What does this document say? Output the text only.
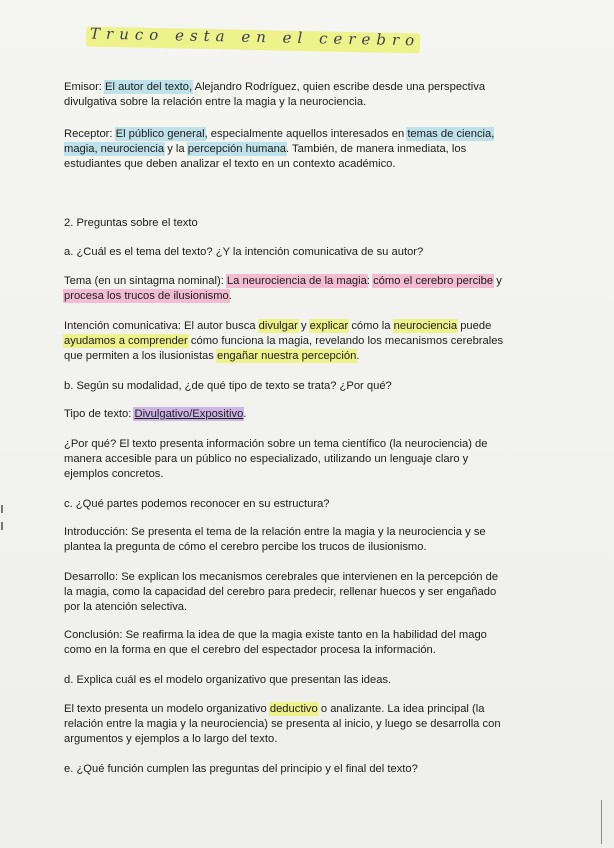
Truco esta en el cerebro

Emisor: El autor del texto, Alejandro Rodríguez, quien escribe desde una perspectiva divulgativa sobre la relación entre la magia y la neurociencia.

Receptor: El público general, especialmente aquellos interesados en temas de ciencia, magia, neurociencia y la percepción humana. También, de manera inmediata, los estudiantes que deben analizar el texto en un contexto académico.

2. Preguntas sobre el texto

a. ¿Cuál es el tema del texto? ¿Y la intención comunicativa de su autor?

Tema (en un sintagma nominal): La neurociencia de la magia: cómo el cerebro percibe y procesa los trucos de ilusionismo.

Intención comunicativa: El autor busca divulgar y explicar cómo la neurociencia puede ayudamos a comprender cómo funciona la magia, revelando los mecanismos cerebrales que permiten a los ilusionistas engañar nuestra percepción.

b. Según su modalidad, ¿de qué tipo de texto se trata? ¿Por qué?

Tipo de texto: Divulgativo/Expositivo.

¿Por qué? El texto presenta información sobre un tema científico (la neurociencia) de manera accesible para un público no especializado, utilizando un lenguaje claro y ejemplos concretos.

c. ¿Qué partes podemos reconocer en su estructura?

Introducción: Se presenta el tema de la relación entre la magia y la neurociencia y se plantea la pregunta de cómo el cerebro percibe los trucos de ilusionismo.

Desarrollo: Se explican los mecanismos cerebrales que intervienen en la percepción de la magia, como la capacidad del cerebro para predecir, rellenar huecos y ser engañado por la atención selectiva.

Conclusión: Se reafirma la idea de que la magia existe tanto en la habilidad del mago como en la forma en que el cerebro del espectador procesa la información.

d. Explica cuál es el modelo organizativo que presentan las ideas.

El texto presenta un modelo organizativo deductivo o analizante. La idea principal (la relación entre la magia y la neurociencia) se presenta al inicio, y luego se desarrolla con argumentos y ejemplos a lo largo del texto.

e. ¿Qué función cumplen las preguntas del principio y el final del texto?
